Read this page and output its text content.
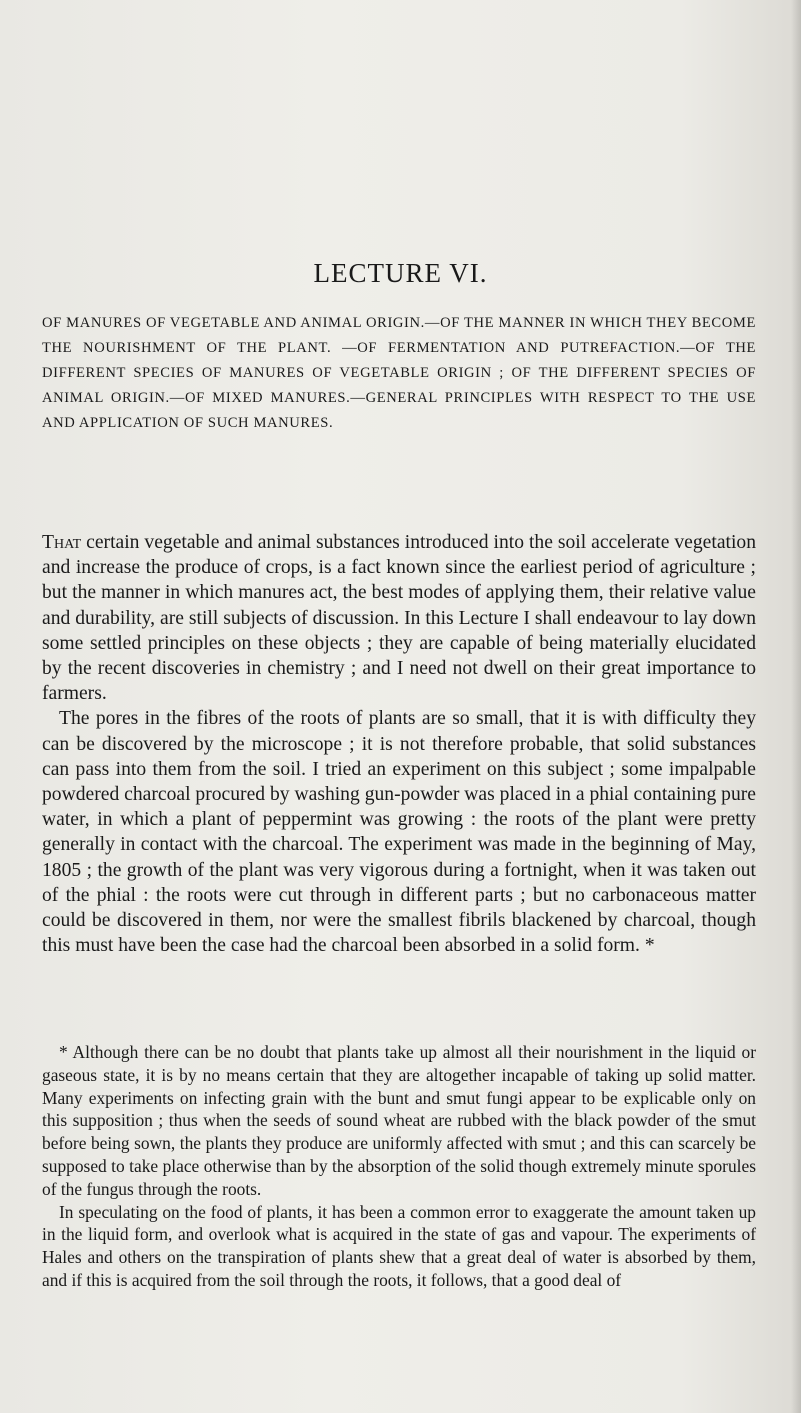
LECTURE VI.

OF MANURES OF VEGETABLE AND ANIMAL ORIGIN.—OF THE MANNER IN WHICH THEY BECOME THE NOURISHMENT OF THE PLANT. —OF FERMENTATION AND PUTREFACTION.—OF THE DIFFERENT SPECIES OF MANURES OF VEGETABLE ORIGIN ; OF THE DIFFERENT SPECIES OF ANIMAL ORIGIN.—OF MIXED MANURES.—GENERAL PRINCIPLES WITH RESPECT TO THE USE AND APPLICATION OF SUCH MANURES.

That certain vegetable and animal substances introduced into the soil accelerate vegetation and increase the produce of crops, is a fact known since the earliest period of agriculture ; but the manner in which manures act, the best modes of applying them, their relative value and durability, are still subjects of discussion. In this Lecture I shall endeavour to lay down some settled principles on these objects ; they are capable of being materially elucidated by the recent discoveries in chemistry ; and I need not dwell on their great importance to farmers.

The pores in the fibres of the roots of plants are so small, that it is with difficulty they can be discovered by the microscope ; it is not therefore probable, that solid substances can pass into them from the soil. I tried an experiment on this subject ; some impalpable powdered charcoal procured by washing gun-powder was placed in a phial containing pure water, in which a plant of peppermint was growing : the roots of the plant were pretty generally in contact with the charcoal. The experiment was made in the beginning of May, 1805 ; the growth of the plant was very vigorous during a fortnight, when it was taken out of the phial : the roots were cut through in different parts ; but no carbonaceous matter could be discovered in them, nor were the smallest fibrils blackened by charcoal, though this must have been the case had the charcoal been absorbed in a solid form. *

* Although there can be no doubt that plants take up almost all their nourishment in the liquid or gaseous state, it is by no means certain that they are altogether incapable of taking up solid matter. Many experiments on infecting grain with the bunt and smut fungi appear to be explicable only on this supposition ; thus when the seeds of sound wheat are rubbed with the black powder of the smut before being sown, the plants they produce are uniformly affected with smut ; and this can scarcely be supposed to take place otherwise than by the absorption of the solid though extremely minute sporules of the fungus through the roots.

In speculating on the food of plants, it has been a common error to exaggerate the amount taken up in the liquid form, and overlook what is acquired in the state of gas and vapour. The experiments of Hales and others on the transpiration of plants shew that a great deal of water is absorbed by them, and if this is acquired from the soil through the roots, it follows, that a good deal of
